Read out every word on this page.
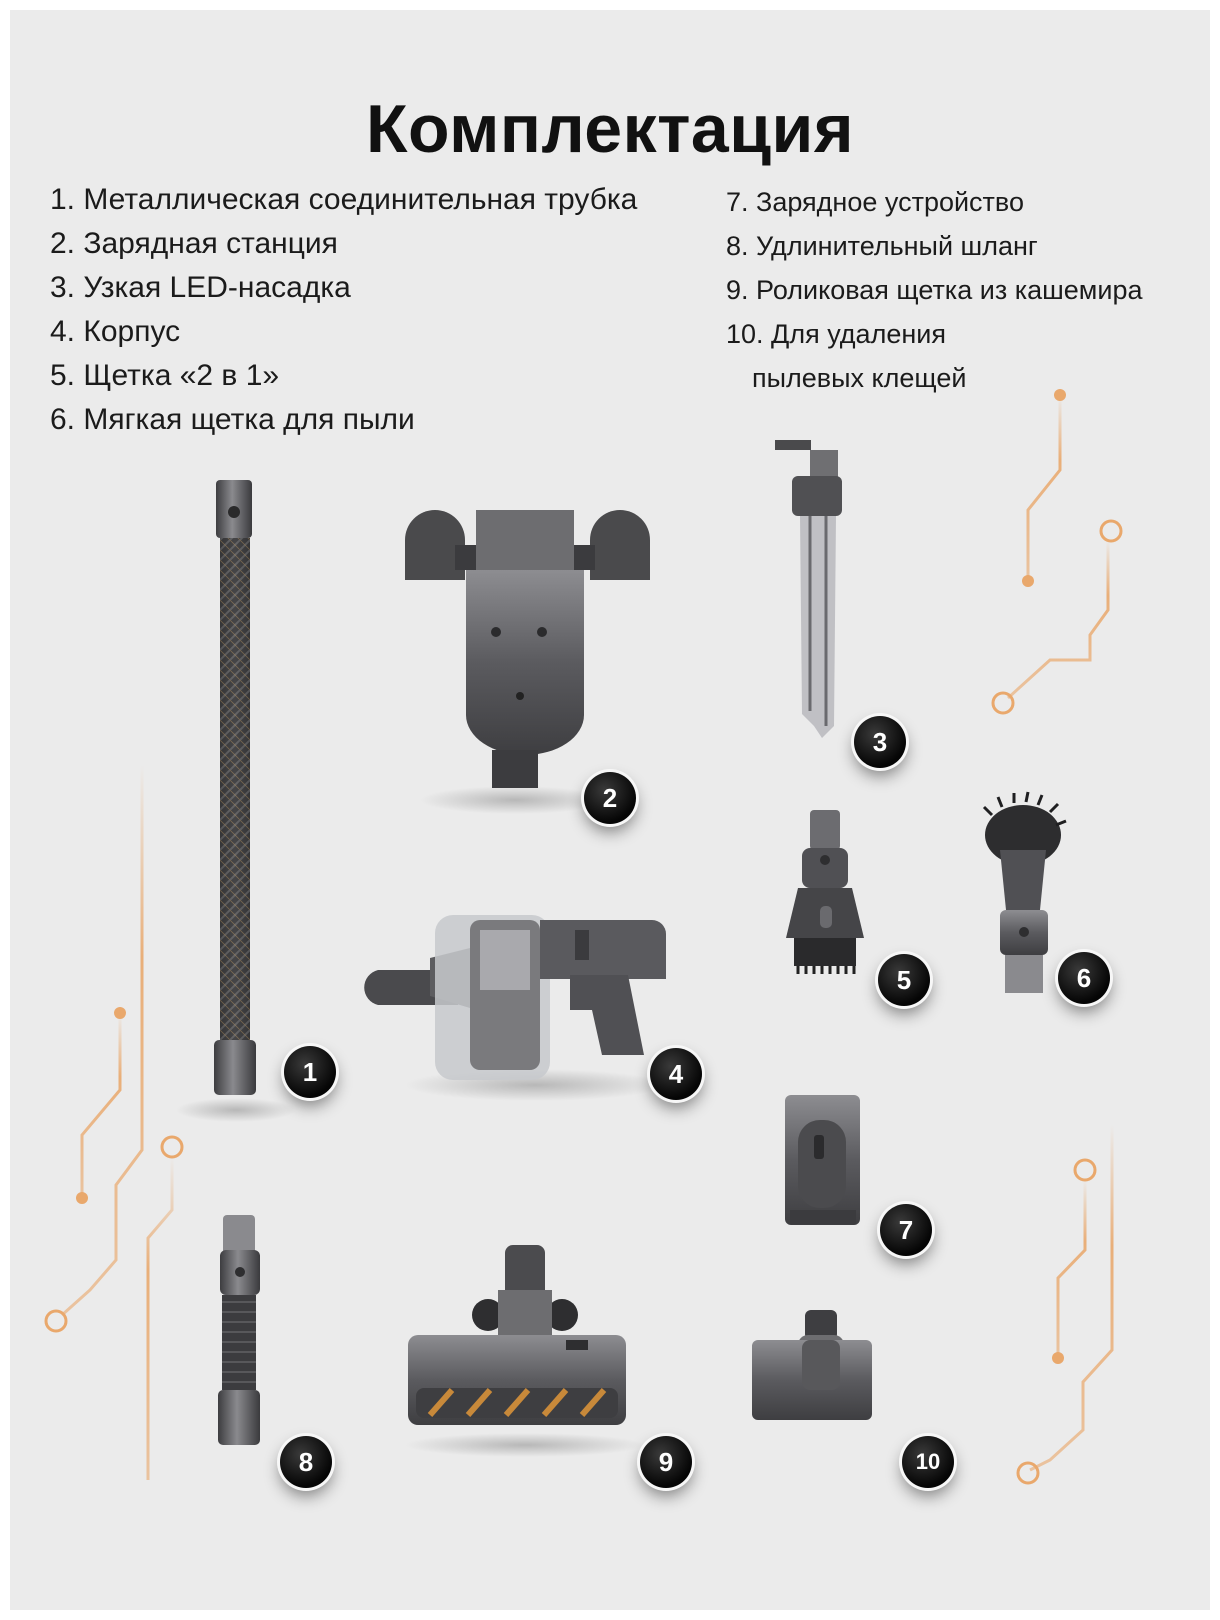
Комплектация
1. Металлическая соединительная трубка
2. Зарядная станция
3. Узкая LED-насадка
4. Корпус
5. Щетка «2 в 1»
6. Мягкая щетка для пыли
7. Зарядное устройство
8. Удлинительный шланг
9. Роликовая щетка из кашемира
10. Для удаления
пылевых клещей
1
2
3
4
5	6
7
8	9	10
